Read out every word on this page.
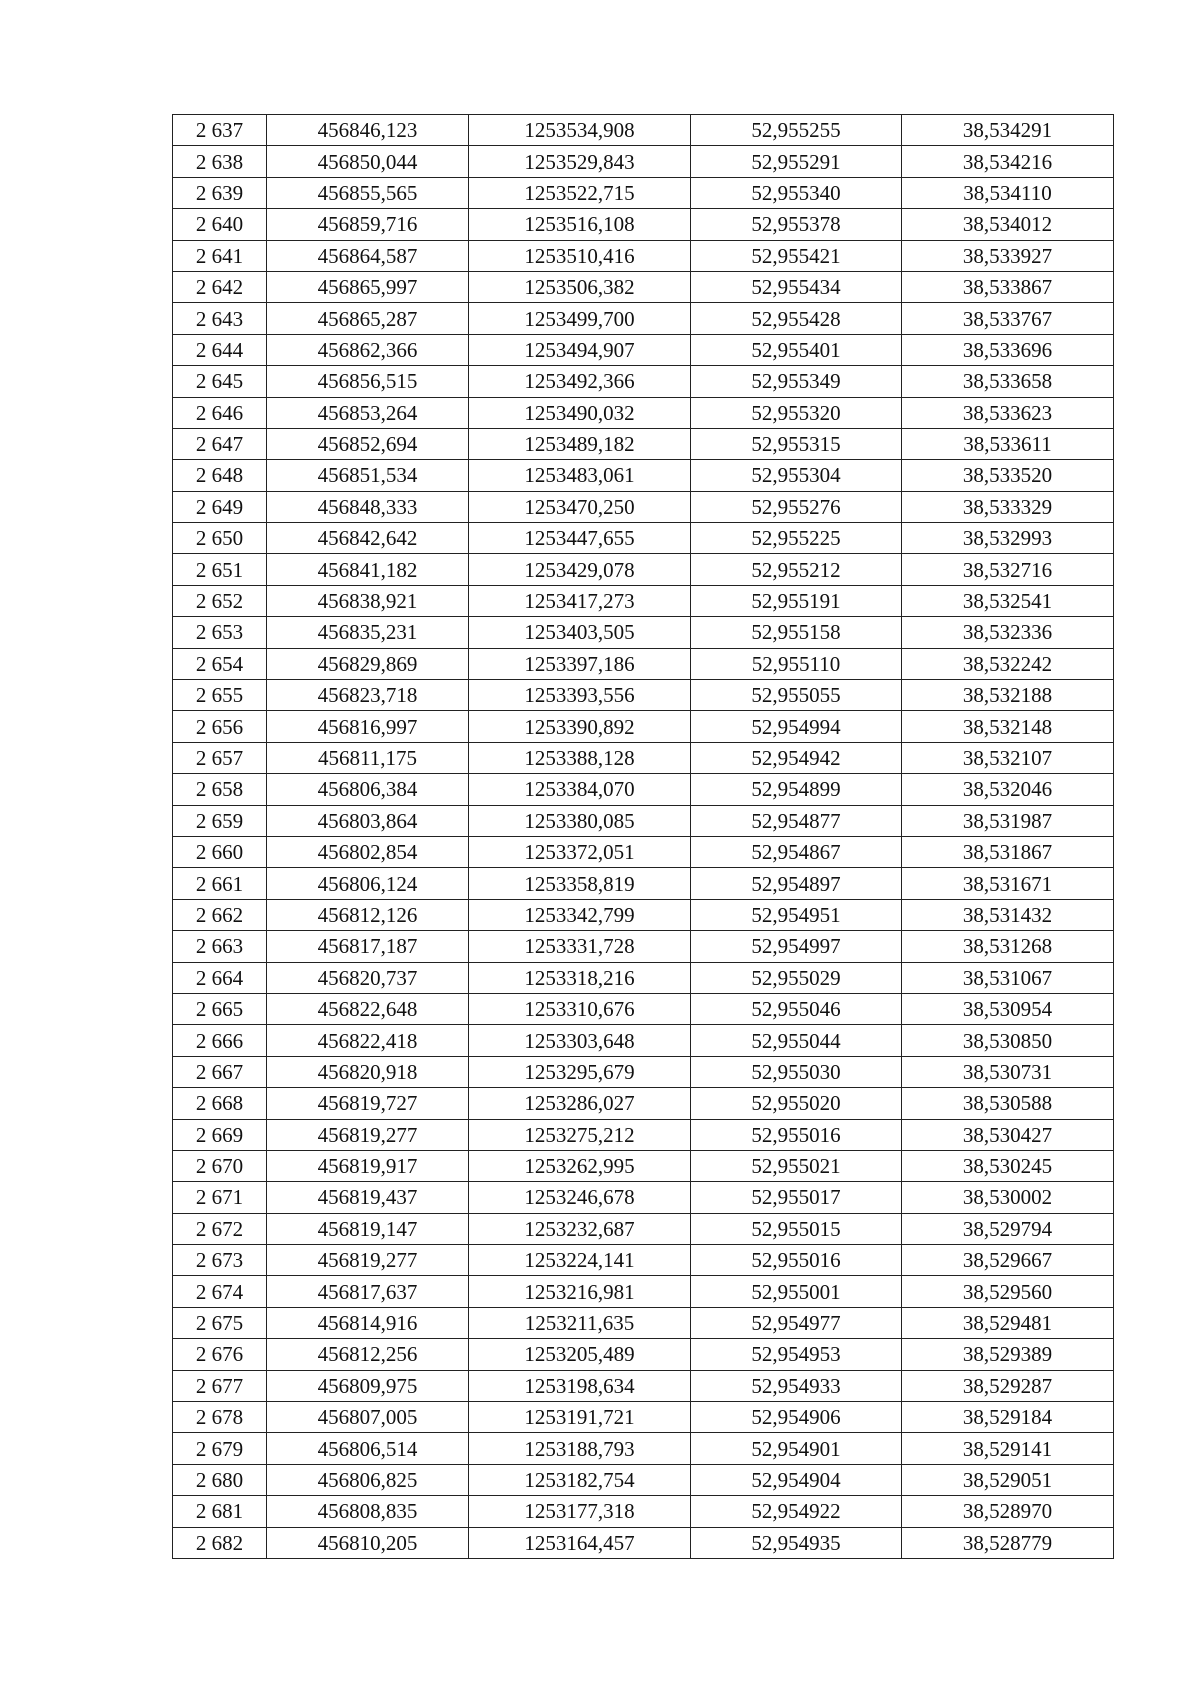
2 637	456846,123	1253534,908	52,955255	38,534291
2 638	456850,044	1253529,843	52,955291	38,534216
2 639	456855,565	1253522,715	52,955340	38,534110
2 640	456859,716	1253516,108	52,955378	38,534012
2 641	456864,587	1253510,416	52,955421	38,533927
2 642	456865,997	1253506,382	52,955434	38,533867
2 643	456865,287	1253499,700	52,955428	38,533767
2 644	456862,366	1253494,907	52,955401	38,533696
2 645	456856,515	1253492,366	52,955349	38,533658
2 646	456853,264	1253490,032	52,955320	38,533623
2 647	456852,694	1253489,182	52,955315	38,533611
2 648	456851,534	1253483,061	52,955304	38,533520
2 649	456848,333	1253470,250	52,955276	38,533329
2 650	456842,642	1253447,655	52,955225	38,532993
2 651	456841,182	1253429,078	52,955212	38,532716
2 652	456838,921	1253417,273	52,955191	38,532541
2 653	456835,231	1253403,505	52,955158	38,532336
2 654	456829,869	1253397,186	52,955110	38,532242
2 655	456823,718	1253393,556	52,955055	38,532188
2 656	456816,997	1253390,892	52,954994	38,532148
2 657	456811,175	1253388,128	52,954942	38,532107
2 658	456806,384	1253384,070	52,954899	38,532046
2 659	456803,864	1253380,085	52,954877	38,531987
2 660	456802,854	1253372,051	52,954867	38,531867
2 661	456806,124	1253358,819	52,954897	38,531671
2 662	456812,126	1253342,799	52,954951	38,531432
2 663	456817,187	1253331,728	52,954997	38,531268
2 664	456820,737	1253318,216	52,955029	38,531067
2 665	456822,648	1253310,676	52,955046	38,530954
2 666	456822,418	1253303,648	52,955044	38,530850
2 667	456820,918	1253295,679	52,955030	38,530731
2 668	456819,727	1253286,027	52,955020	38,530588
2 669	456819,277	1253275,212	52,955016	38,530427
2 670	456819,917	1253262,995	52,955021	38,530245
2 671	456819,437	1253246,678	52,955017	38,530002
2 672	456819,147	1253232,687	52,955015	38,529794
2 673	456819,277	1253224,141	52,955016	38,529667
2 674	456817,637	1253216,981	52,955001	38,529560
2 675	456814,916	1253211,635	52,954977	38,529481
2 676	456812,256	1253205,489	52,954953	38,529389
2 677	456809,975	1253198,634	52,954933	38,529287
2 678	456807,005	1253191,721	52,954906	38,529184
2 679	456806,514	1253188,793	52,954901	38,529141
2 680	456806,825	1253182,754	52,954904	38,529051
2 681	456808,835	1253177,318	52,954922	38,528970
2 682	456810,205	1253164,457	52,954935	38,528779
